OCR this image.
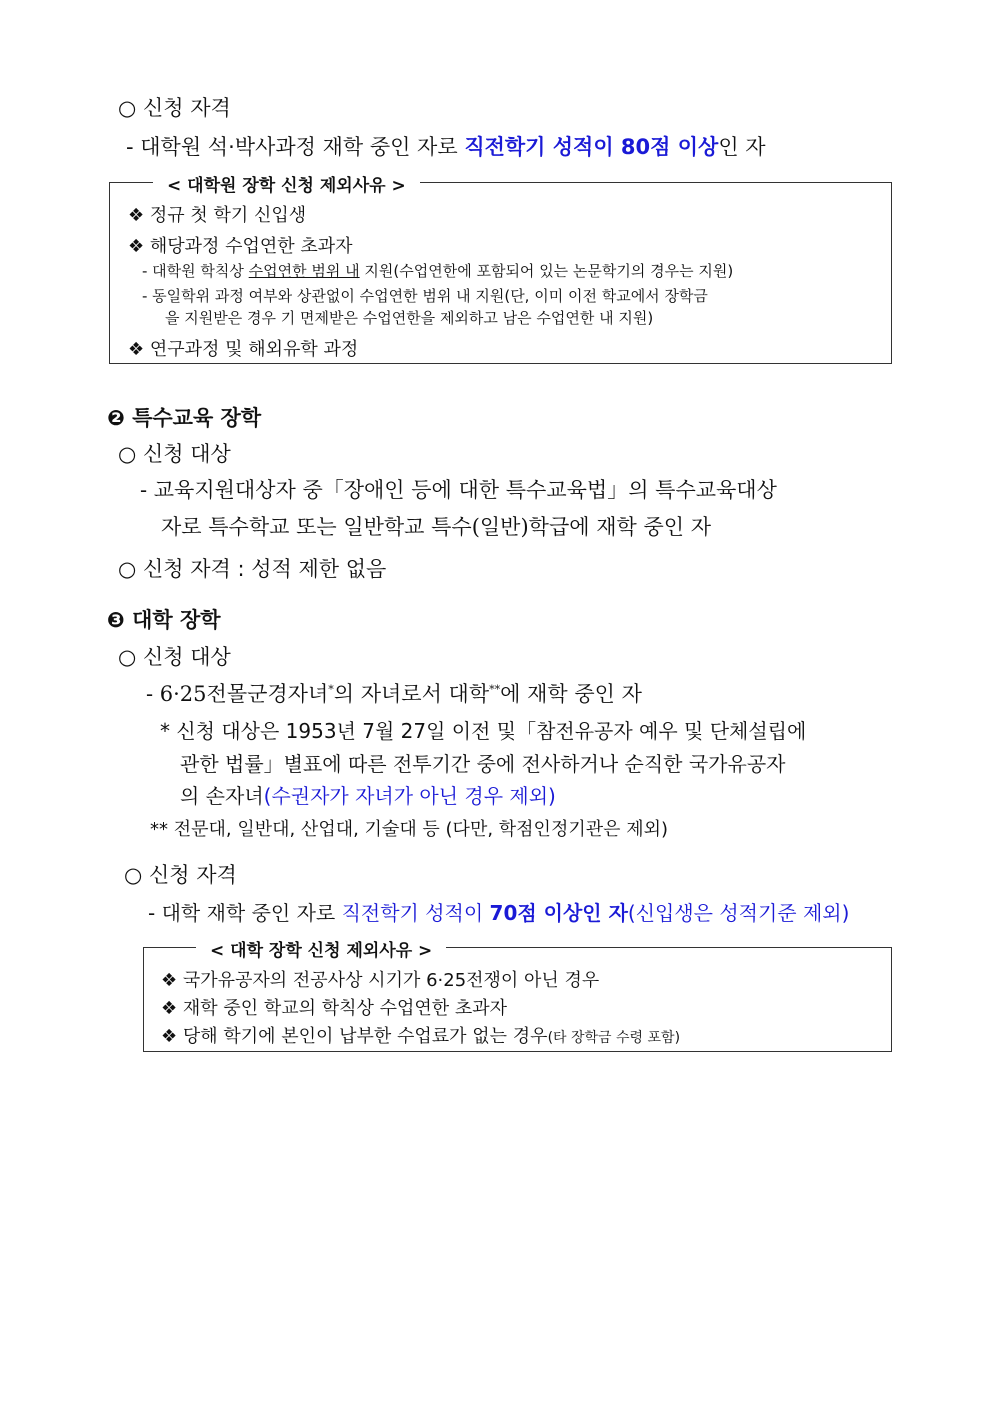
○ 신청 자격
- 대학원 석·박사과정 재학 중인 자로 직전학기 성적이 80점 이상인 자
< 대학원 장학 신청 제외사유 >
❖ 정규 첫 학기 신입생
❖ 해당과정 수업연한 초과자
- 대학원 학칙상 수업연한 범위 내 지원(수업연한에 포함되어 있는 논문학기의 경우는 지원)
- 동일학위 과정 여부와 상관없이 수업연한 범위 내 지원(단, 이미 이전 학교에서 장학금
을 지원받은 경우 기 면제받은 수업연한을 제외하고 남은 수업연한 내 지원)
❖ 연구과정 및 해외유학 과정
❷ 특수교육 장학
○ 신청 대상
- 교육지원대상자 중「장애인 등에 대한 특수교육법」의 특수교육대상
자로 특수학교 또는 일반학교 특수(일반)학급에 재학 중인 자
○ 신청 자격 : 성적 제한 없음
❸ 대학 장학
○ 신청 대상
- 6·25전몰군경자녀*의 자녀로서 대학**에 재학 중인 자
* 신청 대상은 1953년 7월 27일 이전 및「참전유공자 예우 및 단체설립에
관한 법률」별표에 따른 전투기간 중에 전사하거나 순직한 국가유공자
의 손자녀(수권자가 자녀가 아닌 경우 제외)
** 전문대, 일반대, 산업대, 기술대 등 (다만, 학점인정기관은 제외)
○ 신청 자격
- 대학 재학 중인 자로 직전학기 성적이 70점 이상인 자(신입생은 성적기준 제외)
< 대학 장학 신청 제외사유 >
❖ 국가유공자의 전공사상 시기가 6·25전쟁이 아닌 경우
❖ 재학 중인 학교의 학칙상 수업연한 초과자
❖ 당해 학기에 본인이 납부한 수업료가 없는 경우(타 장학금 수령 포함)
